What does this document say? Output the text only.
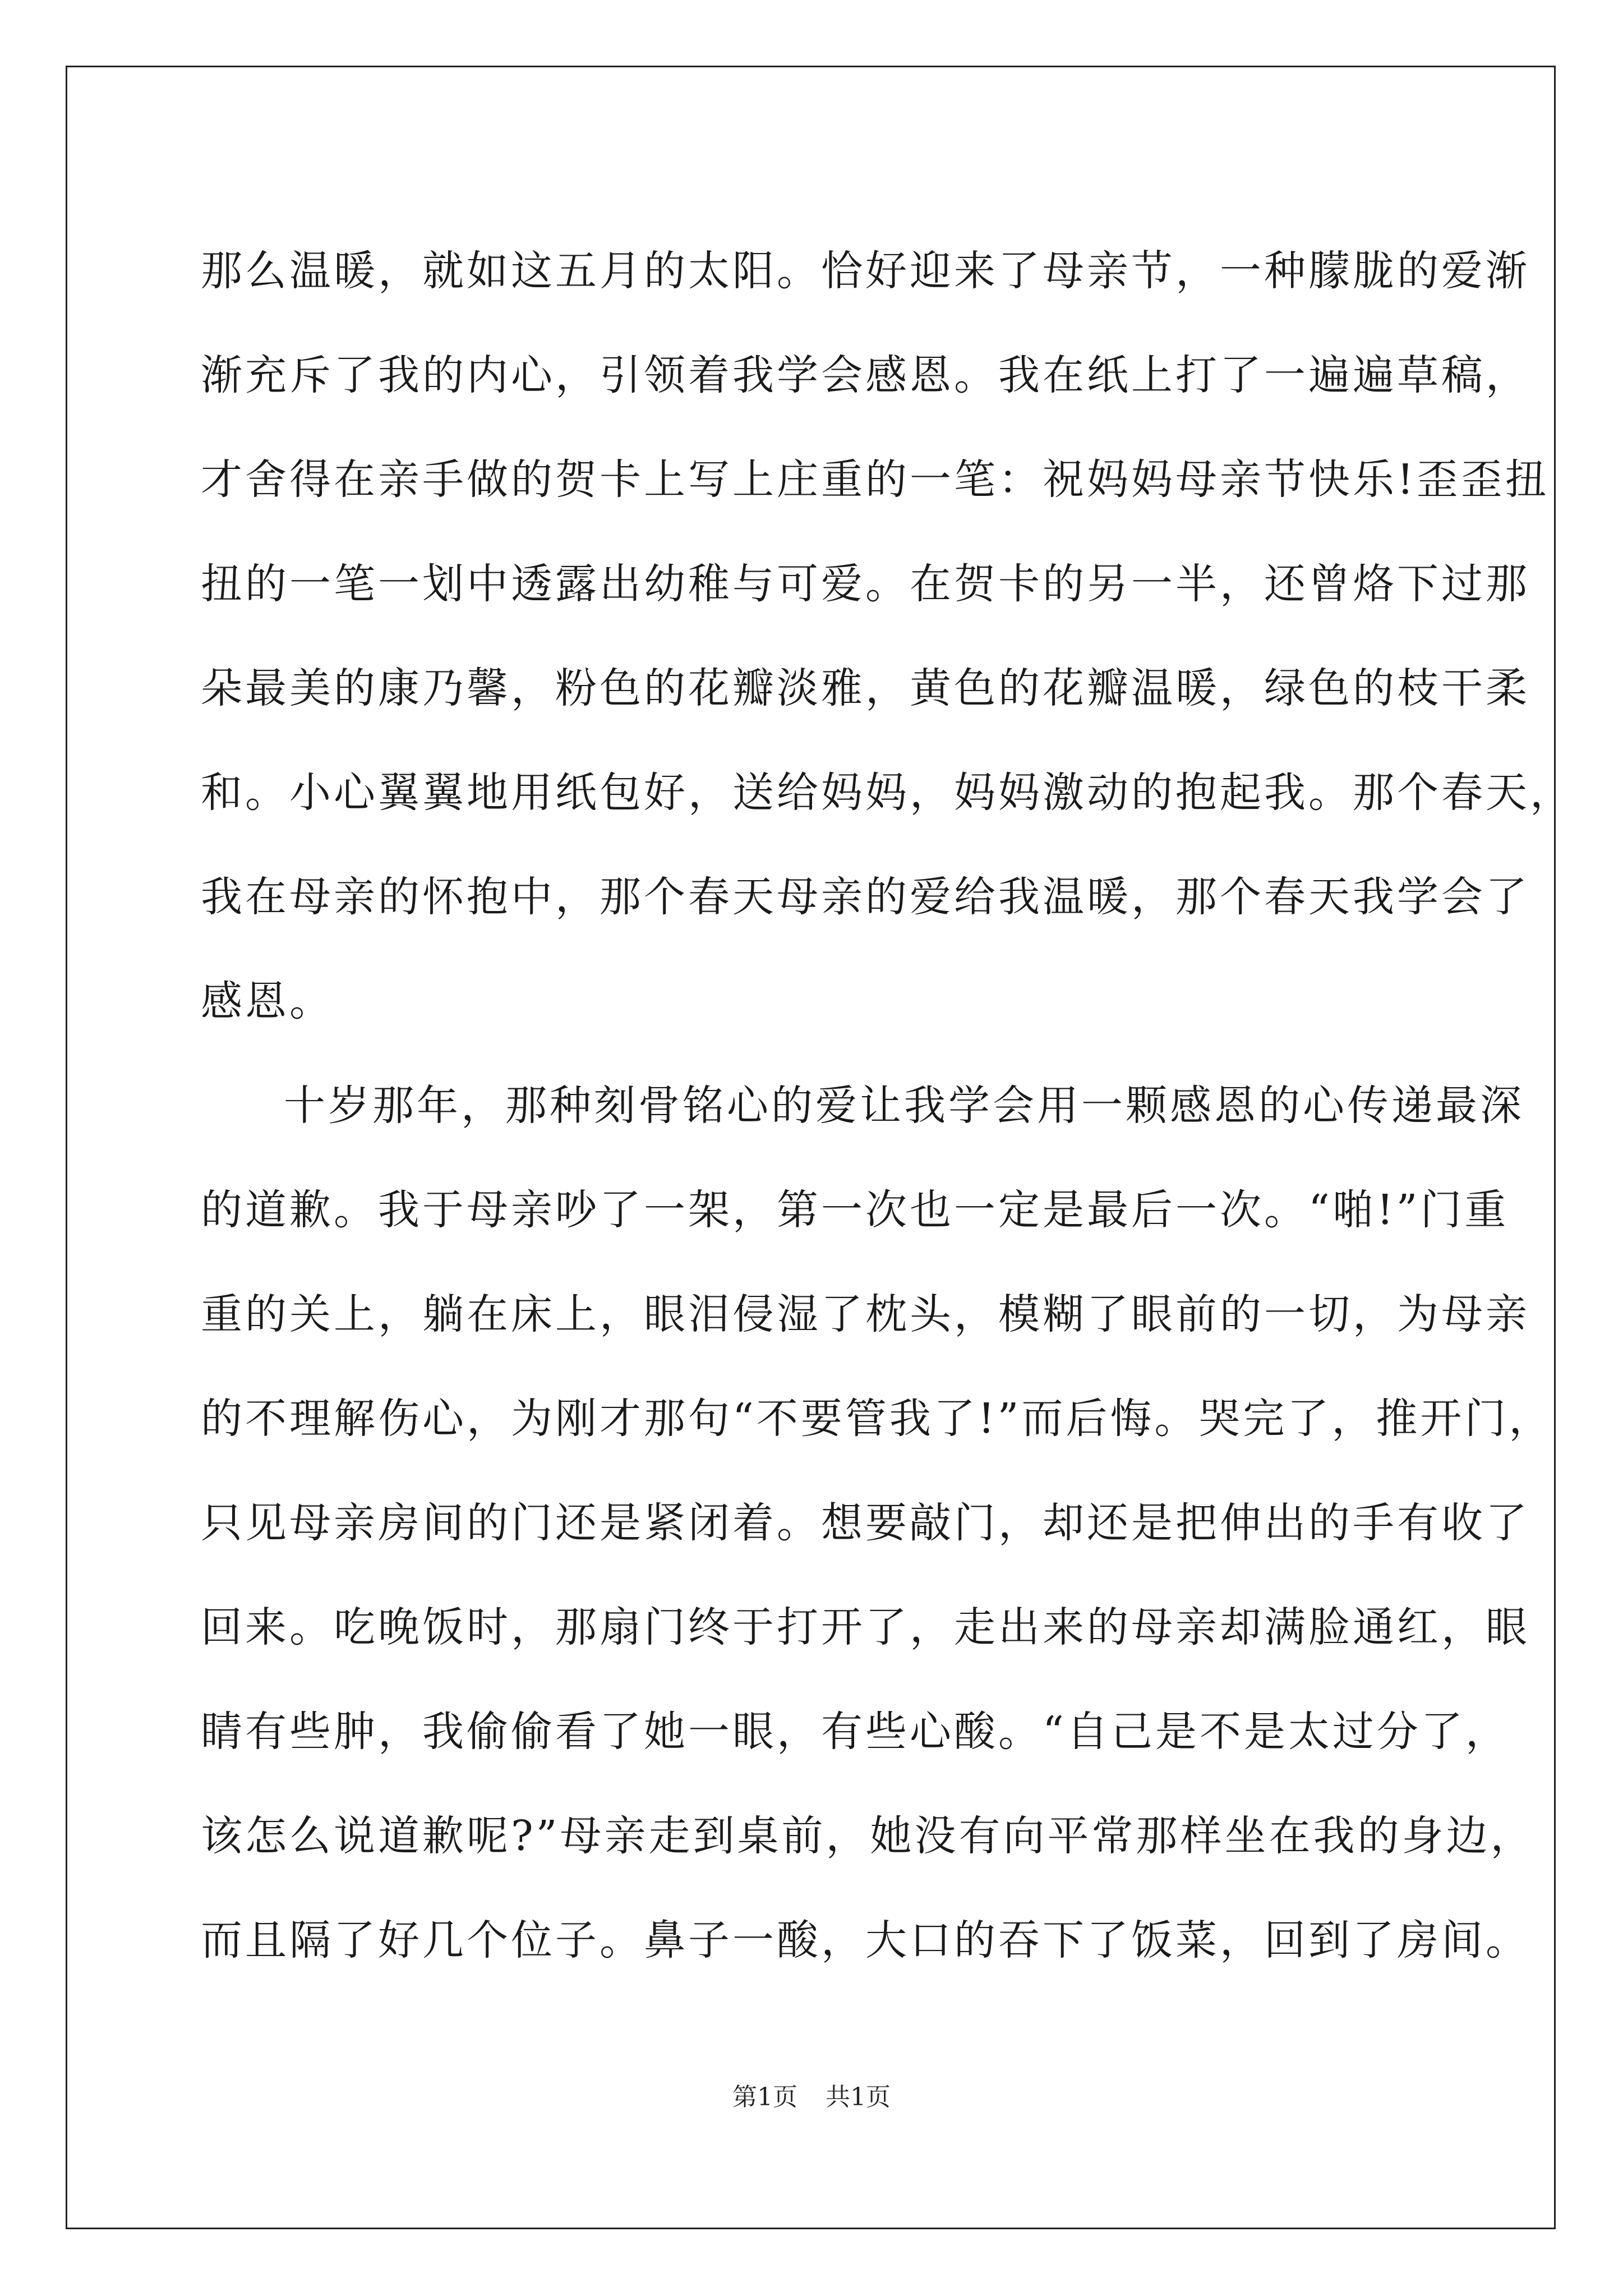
那么温暖，就如这五月的太阳。恰好迎来了母亲节，一种朦胧的爱渐
渐充斥了我的内心，引领着我学会感恩。我在纸上打了一遍遍草稿，
才舍得在亲手做的贺卡上写上庄重的一笔：祝妈妈母亲节快乐!歪歪扭
扭的一笔一划中透露出幼稚与可爱。在贺卡的另一半，还曾烙下过那
朵最美的康乃馨，粉色的花瓣淡雅，黄色的花瓣温暖，绿色的枝干柔
和。小心翼翼地用纸包好，送给妈妈，妈妈激动的抱起我。那个春天，
我在母亲的怀抱中，那个春天母亲的爱给我温暖，那个春天我学会了
感恩。
十岁那年，那种刻骨铭心的爱让我学会用一颗感恩的心传递最深
的道歉。我于母亲吵了一架，第一次也一定是最后一次。“啪!”门重
重的关上，躺在床上，眼泪侵湿了枕头，模糊了眼前的一切，为母亲
的不理解伤心，为刚才那句“不要管我了!”而后悔。哭完了，推开门，
只见母亲房间的门还是紧闭着。想要敲门，却还是把伸出的手有收了
回来。吃晚饭时，那扇门终于打开了，走出来的母亲却满脸通红，眼
睛有些肿，我偷偷看了她一眼，有些心酸。“自己是不是太过分了，
该怎么说道歉呢?”母亲走到桌前，她没有向平常那样坐在我的身边，
而且隔了好几个位子。鼻子一酸，大口的吞下了饭菜，回到了房间。
第1页 共1页
